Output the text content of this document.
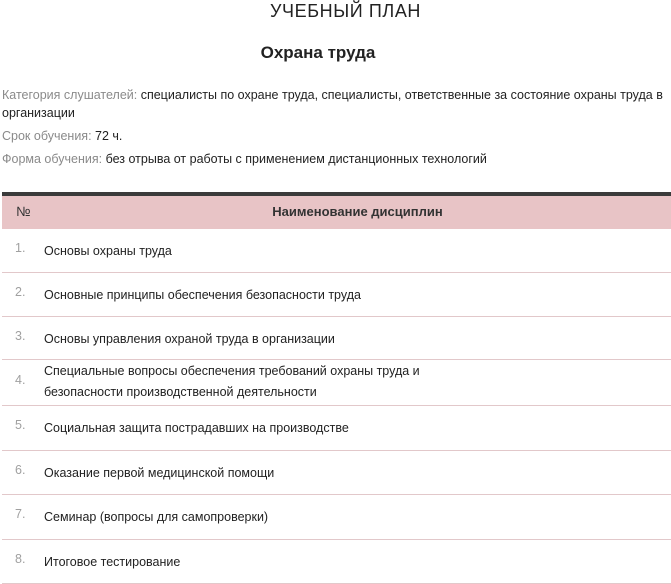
УЧЕБНЫЙ ПЛАН
Охрана труда
Категория слушателей: специалисты по охране труда, специалисты, ответственные за состояние охраны труда в организации
Срок обучения: 72 ч.
Форма обучения: без отрыва от работы с применением дистанционных технологий
№	Наименование дисциплин
1. Основы охраны труда
2. Основные принципы обеспечения безопасности труда
3. Основы управления охраной труда в организации
4.
Специальные вопросы обеспечения требований охраны труда и безопасности производственной деятельности
5. Социальная защита пострадавших на производстве
6. Оказание первой медицинской помощи
7. Семинар (вопросы для самопроверки)
8. Итоговое тестирование
